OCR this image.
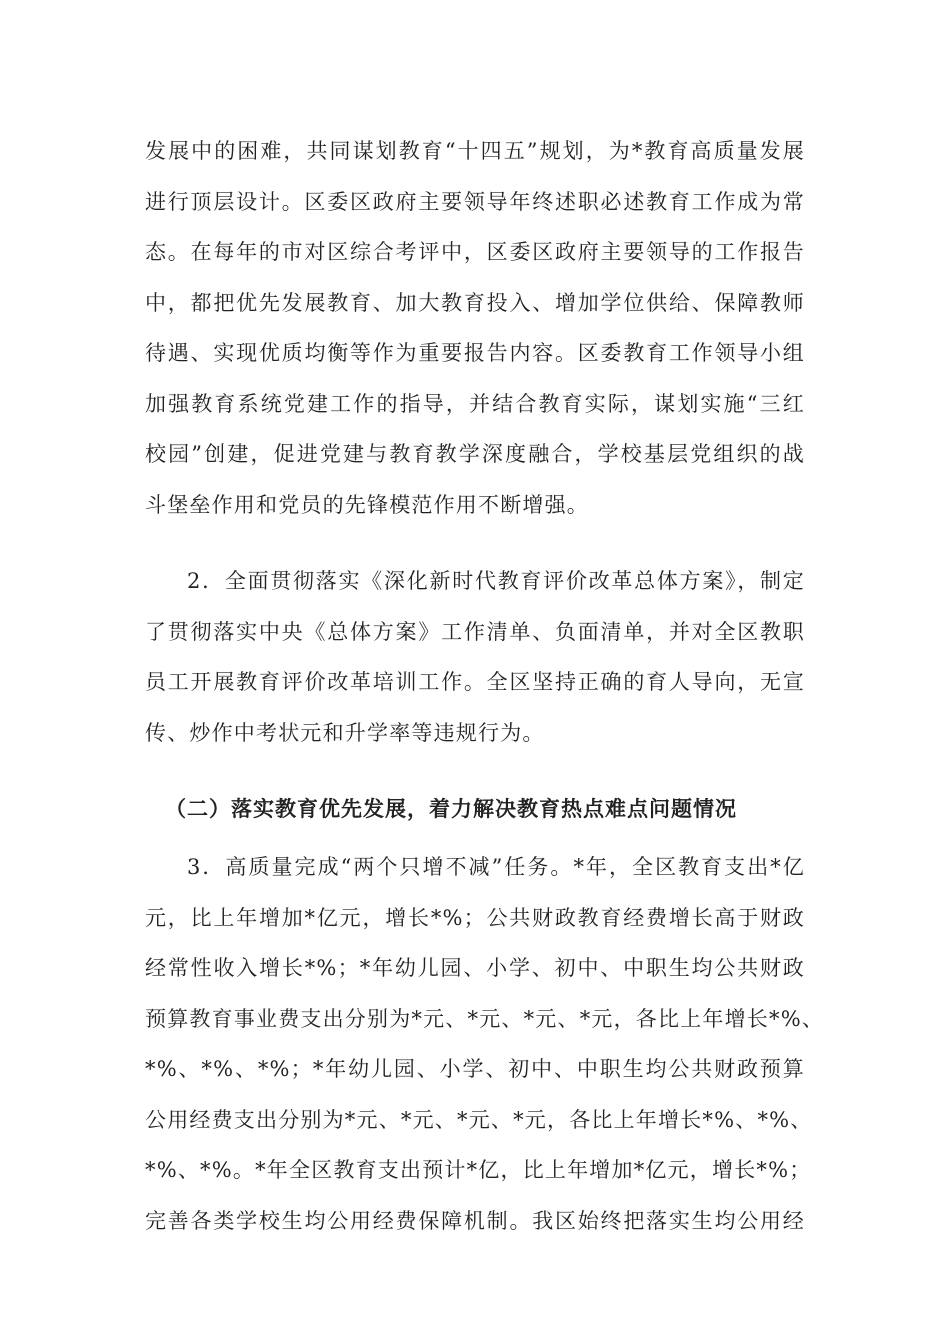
发展中的困难，共同谋划教育“十四五”规划，为*教育高质量发展
进行顶层设计。区委区政府主要领导年终述职必述教育工作成为常
态。在每年的市对区综合考评中，区委区政府主要领导的工作报告
中，都把优先发展教育、加大教育投入、增加学位供给、保障教师
待遇、实现优质均衡等作为重要报告内容。区委教育工作领导小组
加强教育系统党建工作的指导，并结合教育实际，谋划实施“三红
校园”创建，促进党建与教育教学深度融合，学校基层党组织的战
斗堡垒作用和党员的先锋模范作用不断增强。

2．全面贯彻落实《深化新时代教育评价改革总体方案》，制定
了贯彻落实中央《总体方案》工作清单、负面清单，并对全区教职
员工开展教育评价改革培训工作。全区坚持正确的育人导向，无宣
传、炒作中考状元和升学率等违规行为。

（二）落实教育优先发展，着力解决教育热点难点问题情况

3．高质量完成“两个只增不减”任务。*年，全区教育支出*亿
元，比上年增加*亿元，增长*%；公共财政教育经费增长高于财政
经常性收入增长*%；*年幼儿园、小学、初中、中职生均公共财政
预算教育事业费支出分别为*元、*元、*元、*元，各比上年增长*%、
*%、*%、*%；*年幼儿园、小学、初中、中职生均公共财政预算
公用经费支出分别为*元、*元、*元、*元，各比上年增长*%、*%、
*%、*%。*年全区教育支出预计*亿，比上年增加*亿元，增长*%；
完善各类学校生均公用经费保障机制。我区始终把落实生均公用经
